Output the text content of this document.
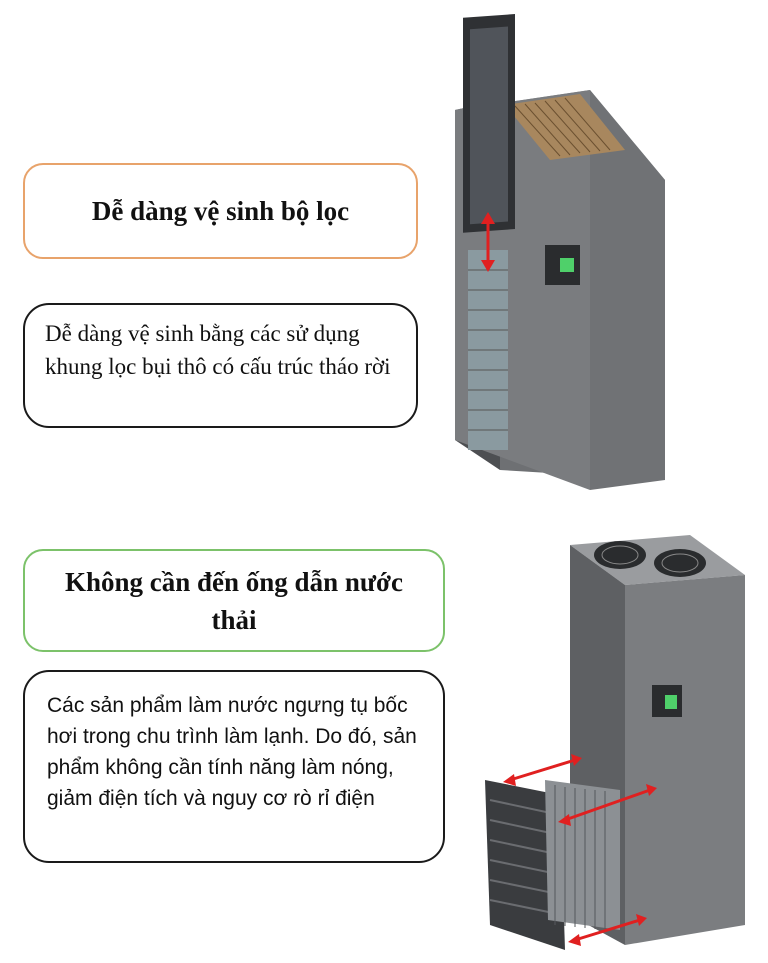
Dễ dàng vệ sinh bộ lọc
Dễ dàng vệ sinh bằng các sử dụng khung lọc bụi thô có cấu trúc tháo rời
Không cần đến ống dẫn nước thải
Các sản phẩm làm nước ngưng tụ bốc hơi trong chu trình làm lạnh. Do đó, sản phẩm không cần tính năng làm nóng, giảm điện tích và nguy cơ rò rỉ điện
